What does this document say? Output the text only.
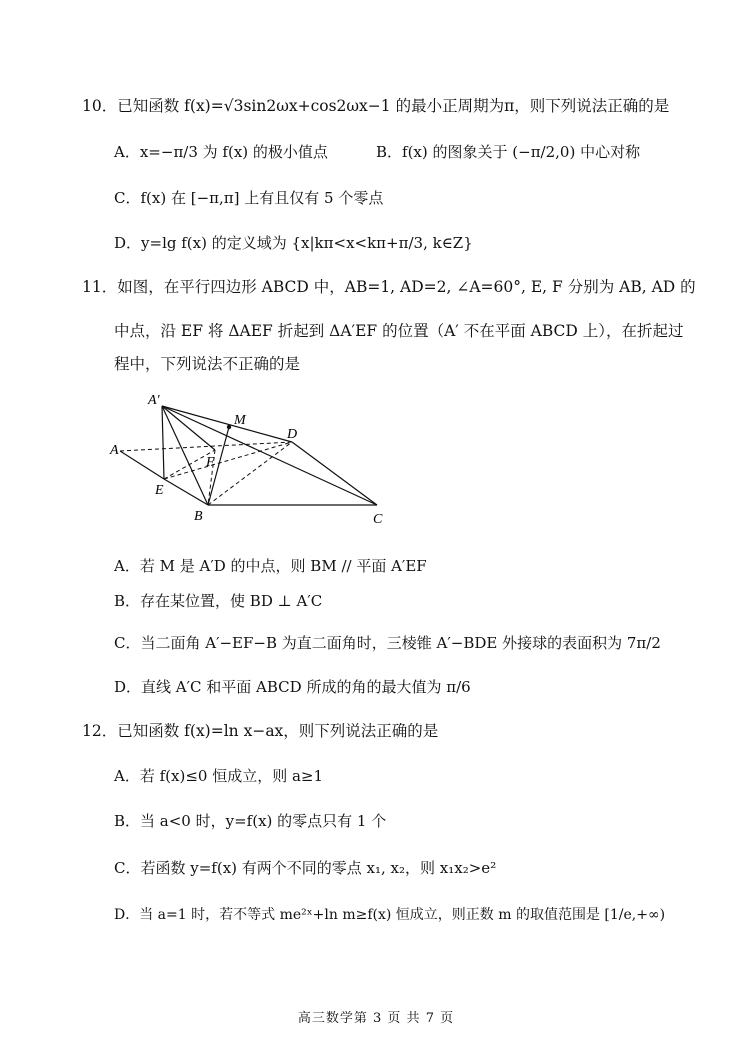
10．已知函数 f(x)=√3sin2ωx+cos2ωx−1 的最小正周期为π，则下列说法正确的是
A．x=−π/3 为 f(x) 的极小值点	B．f(x) 的图象关于 (−π/2,0) 中心对称
C．f(x) 在 [−π,π] 上有且仅有 5 个零点
D．y=lg f(x) 的定义域为 {x|kπ<x<kπ+π/3, k∈Z}
11．如图，在平行四边形 ABCD 中，AB=1, AD=2, ∠A=60°, E, F 分别为 AB, AD 的
中点，沿 EF 将 ΔAEF 折起到 ΔA′EF 的位置（A′ 不在平面 ABCD 上），在折起过
程中，下列说法不正确的是
A'
M
D
A
F
E
B	C
A．若 M 是 A′D 的中点，则 BM // 平面 A′EF
B．存在某位置，使 BD ⊥ A′C
C．当二面角 A′−EF−B 为直二面角时，三棱锥 A′−BDE 外接球的表面积为 7π/2
D．直线 A′C 和平面 ABCD 所成的角的最大值为 π/6
12．已知函数 f(x)=ln x−ax，则下列说法正确的是
A．若 f(x)≤0 恒成立，则 a≥1
B．当 a<0 时，y=f(x) 的零点只有 1 个
C．若函数 y=f(x) 有两个不同的零点 x₁, x₂，则 x₁x₂>e²
D．当 a=1 时，若不等式 me²ˣ+ln m≥f(x) 恒成立，则正数 m 的取值范围是 [1/e,+∞)
高三数学第 3 页 共 7 页
